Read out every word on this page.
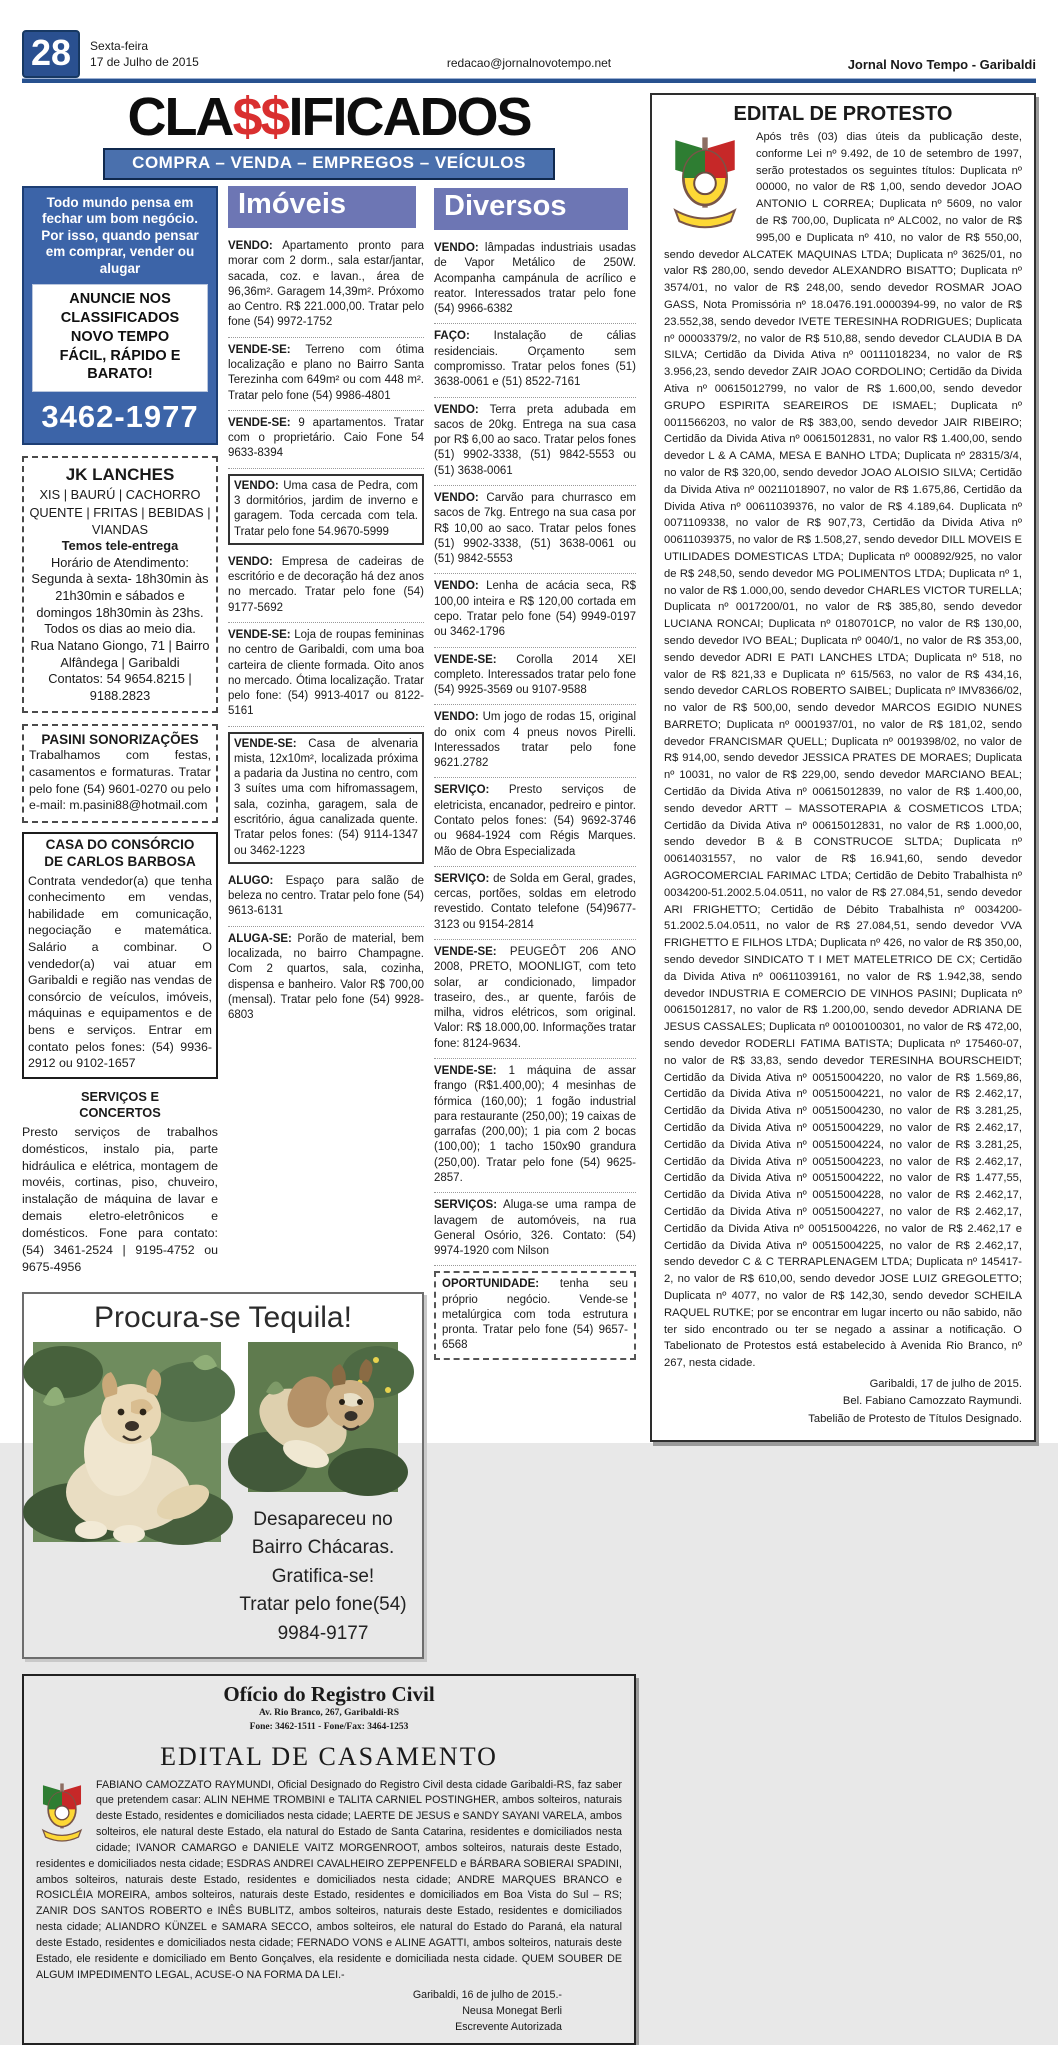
28	Sexta-feira
17 de Julho de 2015	redacao@jornalnovotempo.net	Jornal Novo Tempo - Garibaldi
CLA$$IFICADOS
COMPRA – VENDA – EMPREGOS – VEÍCULOS
Todo mundo pensa em fechar um bom negócio. Por isso, quando pensar em comprar, vender ou alugar
ANUNCIE NOS CLASSIFICADOS
NOVO TEMPO
FÁCIL, RÁPIDO E BARATO!
3462-1977
JK LANCHES
XIS | BAURÚ | CACHORRO QUENTE | FRITAS | BEBIDAS | VIANDAS
Temos tele-entrega
Horário de Atendimento:
Segunda à sexta- 18h30min às 21h30min e sábados e domingos 18h30min às 23hs.
Todos os dias ao meio dia.
Rua Natano Giongo, 71 | Bairro Alfândega | Garibaldi
Contatos: 54 9654.8215 | 9188.2823
PASINI SONORIZAÇÕES
Trabalhamos com festas, casamentos e formaturas. Tratar pelo fone (54) 9601-0270 ou pelo e-mail: m.pasini88@hotmail.com
CASA DO CONSÓRCIO
DE CARLOS BARBOSA
Contrata vendedor(a) que tenha conhecimento em vendas, habilidade em comunicação, negociação e matemática. Salário a combinar. O vendedor(a) vai atuar em Garibaldi e região nas vendas de consórcio de veículos, imóveis, máquinas e equipamentos e de bens e serviços. Entrar em contato pelos fones: (54) 9936-2912 ou 9102-1657
SERVIÇOS E
CONCERTOS
Presto serviços de trabalhos domésticos, instalo pia, parte hidráulica e elétrica, montagem de movéis, cortinas, piso, chuveiro, instalação de máquina de lavar e demais eletro-eletrônicos e domésticos. Fone para contato: (54) 3461-2524 | 9195-4752 ou 9675-4956
Imóveis
VENDO: Apartamento pronto para morar com 2 dorm., sala estar/jantar, sacada, coz. e lavan., área de 96,36m². Garagem 14,39m². Próxomo ao Centro. R$ 221.000,00. Tratar pelo fone (54) 9972-1752
VENDE-SE: Terreno com ótima localização e plano no Bairro Santa Terezinha com 649m² ou com 448 m². Tratar pelo fone (54) 9986-4801
VENDE-SE: 9 apartamentos. Tratar com o proprietário. Caio Fone 54 9633-8394
VENDO: Uma casa de Pedra, com 3 dormitórios, jardim de inverno e garagem. Toda cercada com tela. Tratar pelo fone 54.9670-5999
VENDO: Empresa de cadeiras de escritório e de decoração há dez anos no mercado. Tratar pelo fone (54) 9177-5692
VENDE-SE: Loja de roupas femininas no centro de Garibaldi, com uma boa carteira de cliente formada. Oito anos no mercado. Ótima localização. Tratar pelo fone: (54) 9913-4017 ou 8122-5161
VENDE-SE: Casa de alvenaria mista, 12x10m², localizada próxima a padaria da Justina no centro, com 3 suítes uma com hifromassagem, sala, cozinha, garagem, sala de escritório, água canalizada quente. Tratar pelos fones: (54) 9114-1347 ou 3462-1223
ALUGO: Espaço para salão de beleza no centro. Tratar pelo fone (54) 9613-6131
ALUGA-SE: Porão de material, bem localizada, no bairro Champagne. Com 2 quartos, sala, cozinha, dispensa e banheiro. Valor R$ 700,00 (mensal). Tratar pelo fone (54) 9928-6803
Procura-se Tequila!
Desapareceu no Bairro Chácaras.
Gratifica-se!
Tratar pelo fone(54) 9984-9177
Diversos
VENDO: lâmpadas industriais usadas de Vapor Metálico de 250W. Acompanha campánula de acrílico e reator. Interessados tratar pelo fone (54) 9966-6382
FAÇO: Instalação de cálias residenciais. Orçamento sem compromisso. Tratar pelos fones (51) 3638-0061 e (51) 8522-7161
VENDO: Terra preta adubada em sacos de 20kg. Entrega na sua casa por R$ 6,00 ao saco. Tratar pelos fones (51) 9902-3338, (51) 9842-5553 ou (51) 3638-0061
VENDO: Carvão para churrasco em sacos de 7kg. Entrego na sua casa por R$ 10,00 ao saco. Tratar pelos fones (51) 9902-3338, (51) 3638-0061 ou (51) 9842-5553
VENDO: Lenha de acácia seca, R$ 100,00 inteira e R$ 120,00 cortada em cepo. Tratar pelo fone (54) 9949-0197 ou 3462-1796
VENDE-SE: Corolla 2014 XEI completo. Interessados tratar pelo fone (54) 9925-3569 ou 9107-9588
VENDO: Um jogo de rodas 15, original do onix com 4 pneus novos Pirelli. Interessados tratar pelo fone 9621.2782
SERVIÇO: Presto serviços de eletricista, encanador, pedreiro e pintor. Contato pelos fones: (54) 9692-3746 ou 9684-1924 com Régis Marques. Mão de Obra Especializada
SERVIÇO: de Solda em Geral, grades, cercas, portões, soldas em eletrodo revestido. Contato telefone (54)9677-3123 ou 9154-2814
VENDE-SE: PEUGEÔT 206 ANO 2008, PRETO, MOONLIGT, com teto solar, ar condicionado, limpador traseiro, des., ar quente, faróis de milha, vidros elétricos, som original. Valor: R$ 18.000,00. Informações tratar fone: 8124-9634.
VENDE-SE: 1 máquina de assar frango (R$1.400,00); 4 mesinhas de fórmica (160,00); 1 fogão industrial para restaurante (250,00); 19 caixas de garrafas (200,00); 1 pia com 2 bocas (100,00); 1 tacho 150x90 grandura (250,00). Tratar pelo fone (54) 9625-2857.
SERVIÇOS: Aluga-se uma rampa de lavagem de automóveis, na rua General Osório, 326. Contato: (54) 9974-1920 com Nilson
OPORTUNIDADE: tenha seu próprio negócio. Vende-se metalúrgica com toda estrutura pronta. Tratar pelo fone (54) 9657-6568
Ofício do Registro Civil
Av. Rio Branco, 267, Garibaldi-RS
Fone: 3462-1511 - Fone/Fax: 3464-1253
EDITAL DE CASAMENTO
FABIANO CAMOZZATO RAYMUNDI, Oficial Designado do Registro Civil desta cidade Garibaldi-RS, faz saber que pretendem casar: ALIN NEHME TROMBINI e TALITA CARNIEL POSTINGHER, ambos solteiros, naturais deste Estado, residentes e domiciliados nesta cidade; LAERTE DE JESUS e SANDY SAYANI VARELA, ambos solteiros, ele natural deste Estado, ela natural do Estado de Santa Catarina, residentes e domiciliados nesta cidade; IVANOR CAMARGO e DANIELE VAITZ MORGENROOT, ambos solteiros, naturais deste Estado, residentes e domiciliados nesta cidade; ESDRAS ANDREI CAVALHEIRO ZEPPENFELD e BÁRBARA SOBIERAI SPADINI, ambos solteiros, naturais deste Estado, residentes e domiciliados nesta cidade; ANDRE MARQUES BRANCO e ROSICLÉIA MOREIRA, ambos solteiros, naturais deste Estado, residentes e domiciliados em Boa Vista do Sul – RS; ZANIR DOS SANTOS ROBERTO e INÊS BUBLITZ, ambos solteiros, naturais deste Estado, residentes e domiciliados nesta cidade; ALIANDRO KÜNZEL e SAMARA SECCO, ambos solteiros, ele natural do Estado do Paraná, ela natural deste Estado, residentes e domiciliados nesta cidade; FERNADO VONS e ALINE AGATTI, ambos solteiros, naturais deste Estado, ele residente e domiciliado em Bento Gonçalves, ela residente e domiciliada nesta cidade. QUEM SOUBER DE ALGUM IMPEDIMENTO LEGAL, ACUSE-O NA FORMA DA LEI.-
Garibaldi, 16 de julho de 2015.-
Neusa Monegat Berli
Escrevente Autorizada
EDITAL DE PROTESTO
Após três (03) dias úteis da publicação deste, conforme Lei nº 9.492, de 10 de setembro de 1997, serão protestados os seguintes títulos: Duplicata nº 00000, no valor de R$ 1,00, sendo devedor JOAO ANTONIO L CORREA; Duplicata nº 5609, no valor de R$ 700,00, Duplicata nº ALC002, no valor de R$ 995,00 e Duplicata nº 410, no valor de R$ 550,00, sendo devedor ALCATEK MAQUINAS LTDA; Duplicata nº 3625/01, no valor R$ 280,00, sendo devedor ALEXANDRO BISATTO; Duplicata nº 3574/01, no valor de R$ 248,00, sendo devedor ROSMAR JOAO GASS, Nota Promissória nº 18.0476.191.0000394-99, no valor de R$ 23.552,38, sendo devedor IVETE TERESINHA RODRIGUES; Duplicata nº 00003379/2, no valor de R$ 510,88, sendo devedor CLAUDIA B DA SILVA; Certidão da Divida Ativa nº 00111018234, no valor de R$ 3.956,23, sendo devedor ZAIR JOAO CORDOLINO; Certidão da Divida Ativa nº 00615012799, no valor de R$ 1.600,00, sendo devedor GRUPO ESPIRITA SEAREIROS DE ISMAEL; Duplicata nº 0011566203, no valor de R$ 383,00, sendo devedor JAIR RIBEIRO; Certidão da Divida Ativa nº 00615012831, no valor R$ 1.400,00, sendo devedor L & A CAMA, MESA E BANHO LTDA; Duplicata nº 28315/3/4, no valor de R$ 320,00, sendo devedor JOAO ALOISIO SILVA; Certidão da Divida Ativa nº 00211018907, no valor de R$ 1.675,86, Certidão da Divida Ativa nº 00611039376, no valor de R$ 4.189,64. Duplicata nº 0071109338, no valor de R$ 907,73, Certidão da Divida Ativa nº 00611039375, no valor de R$ 1.508,27, sendo devedor DILL MOVEIS E UTILIDADES DOMESTICAS LTDA; Duplicata nº 000892/925, no valor de R$ 248,50, sendo devedor MG POLIMENTOS LTDA; Duplicata nº 1, no valor de R$ 1.000,00, sendo devedor CHARLES VICTOR TURELLA; Duplicata nº 0017200/01, no valor de R$ 385,80, sendo devedor LUCIANA RONCAI; Duplicata nº 0180701CP, no valor de R$ 130,00, sendo devedor IVO BEAL; Duplicata nº 0040/1, no valor de R$ 353,00, sendo devedor ADRI E PATI LANCHES LTDA; Duplicata nº 518, no valor de R$ 821,33 e Duplicata nº 615/563, no valor de R$ 434,16, sendo devedor CARLOS ROBERTO SAIBEL; Duplicata nº IMV8366/02, no valor de R$ 500,00, sendo devedor MARCOS EGIDIO NUNES BARRETO; Duplicata nº 0001937/01, no valor de R$ 181,02, sendo devedor FRANCISMAR QUELL; Duplicata nº 0019398/02, no valor de R$ 914,00, sendo devedor JESSICA PRATES DE MORAES; Duplicata nº 10031, no valor de R$ 229,00, sendo devedor MARCIANO BEAL; Certidão da Divida Ativa nº 00615012839, no valor de R$ 1.400,00, sendo devedor ARTT – MASSOTERAPIA & COSMETICOS LTDA; Certidão da Divida Ativa nº 00615012831, no valor de R$ 1.000,00, sendo devedor B & B CONSTRUCOE SLTDA; Duplicata nº 00614031557, no valor de R$ 16.941,60, sendo devedor AGROCOMERCIAL FARIMAC LTDA; Certidão de Debito Trabalhista nº 0034200-51.2002.5.04.0511, no valor de R$ 27.084,51, sendo devedor ARI FRIGHETTO; Certidão de Débito Trabalhista nº 0034200-51.2002.5.04.0511, no valor de R$ 27.084,51, sendo devedor VVA FRIGHETTO E FILHOS LTDA; Duplicata nº 426, no valor de R$ 350,00, sendo devedor SINDICATO T I MET MATELETRICO DE CX; Certidão da Divida Ativa nº 00611039161, no valor de R$ 1.942,38, sendo devedor INDUSTRIA E COMERCIO DE VINHOS PASINI; Duplicata nº 00615012817, no valor de R$ 1.200,00, sendo devedor ADRIANA DE JESUS CASSALES; Duplicata nº 00100100301, no valor de R$ 472,00, sendo devedor RODERLI FATIMA BATISTA; Duplicata nº 175460-07, no valor de R$ 33,83, sendo devedor TERESINHA BOURSCHEIDT; Certidão da Divida Ativa nº 00515004220, no valor de R$ 1.569,86, Certidão da Divida Ativa nº 00515004221, no valor de R$ 2.462,17, Certidão da Divida Ativa nº 00515004230, no valor de R$ 3.281,25, Certidão da Divida Ativa nº 00515004229, no valor de R$ 2.462,17, Certidão da Divida Ativa nº 00515004224, no valor de R$ 3.281,25, Certidão da Divida Ativa nº 00515004223, no valor de R$ 2.462,17, Certidão da Divida Ativa nº 00515004222, no valor de R$ 1.477,55, Certidão da Divida Ativa nº 00515004228, no valor de R$ 2.462,17, Certidão da Divida Ativa nº 00515004227, no valor de R$ 2.462,17, Certidão da Divida Ativa nº 00515004226, no valor de R$ 2.462,17 e Certidão da Divida Ativa nº 00515004225, no valor de R$ 2.462,17, sendo devedor C & C TERRAPLENAGEM LTDA; Duplicata nº 145417-2, no valor de R$ 610,00, sendo devedor JOSE LUIZ GREGOLETTO; Duplicata nº 4077, no valor de R$ 142,30, sendo devedor SCHEILA RAQUEL RUTKE; por se encontrar em lugar incerto ou não sabido, não ter sido encontrado ou ter se negado a assinar a notificação. O Tabelionato de Protestos está estabelecido à Avenida Rio Branco, nº 267, nesta cidade.
Garibaldi, 17 de julho de 2015.
Bel. Fabiano Camozzato Raymundi.
Tabelião de Protesto de Títulos Designado.
